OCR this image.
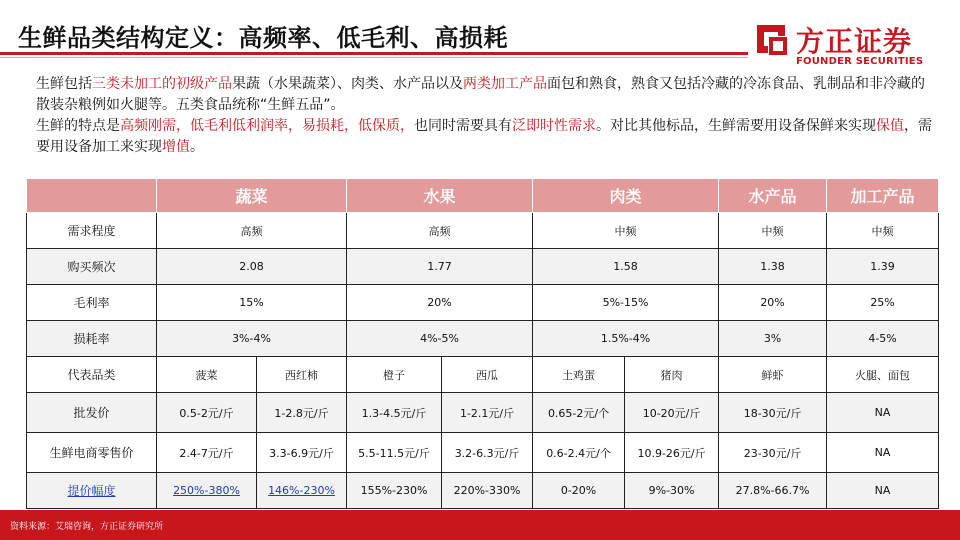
生鲜品类结构定义：高频率、低毛利、高损耗	方正证券
FOUNDER SECURITIES
生鲜包括三类未加工的初级产品果蔬（水果蔬菜）、肉类、水产品以及两类加工产品面包和熟食，熟食又包括冷藏的冷冻食品、乳制品和非冷藏的散装杂粮例如火腿等。五类食品统称“生鲜五品”。
生鲜的特点是高频刚需，低毛利低利润率，易损耗，低保质，也同时需要具有泛即时性需求。对比其他标品，生鲜需要用设备保鲜来实现保值，需要用设备加工来实现增值。
	蔬菜		水果		肉类		水产品	加工产品
需求程度	高频		高频		中频		中频	中频
购买频次	2.08		1.77		1.58		1.38	1.39
毛利率	15%		20%		5%-15%		20%	25%
损耗率	3%-4%		4%-5%		1.5%-4%		3%	4-5%
代表品类	菠菜	西红柿	橙子	西瓜	土鸡蛋	猪肉	鲜虾	火腿、面包
批发价	0.5-2元/斤	1-2.8元/斤	1.3-4.5元/斤	1-2.1元/斤	0.65-2元/个	10-20元/斤	18-30元/斤	NA
生鲜电商零售价	2.4-7元/斤	3.3-6.9元/斤	5.5-11.5元/斤	3.2-6.3元/斤	0.6-2.4元/个	10.9-26元/斤	23-30元/斤	NA
提价幅度	250%-380%	146%-230%	155%-230%	220%-330%	0-20%	9%-30%	27.8%-66.7%	NA
资料来源：艾瑞咨询，方正证券研究所
